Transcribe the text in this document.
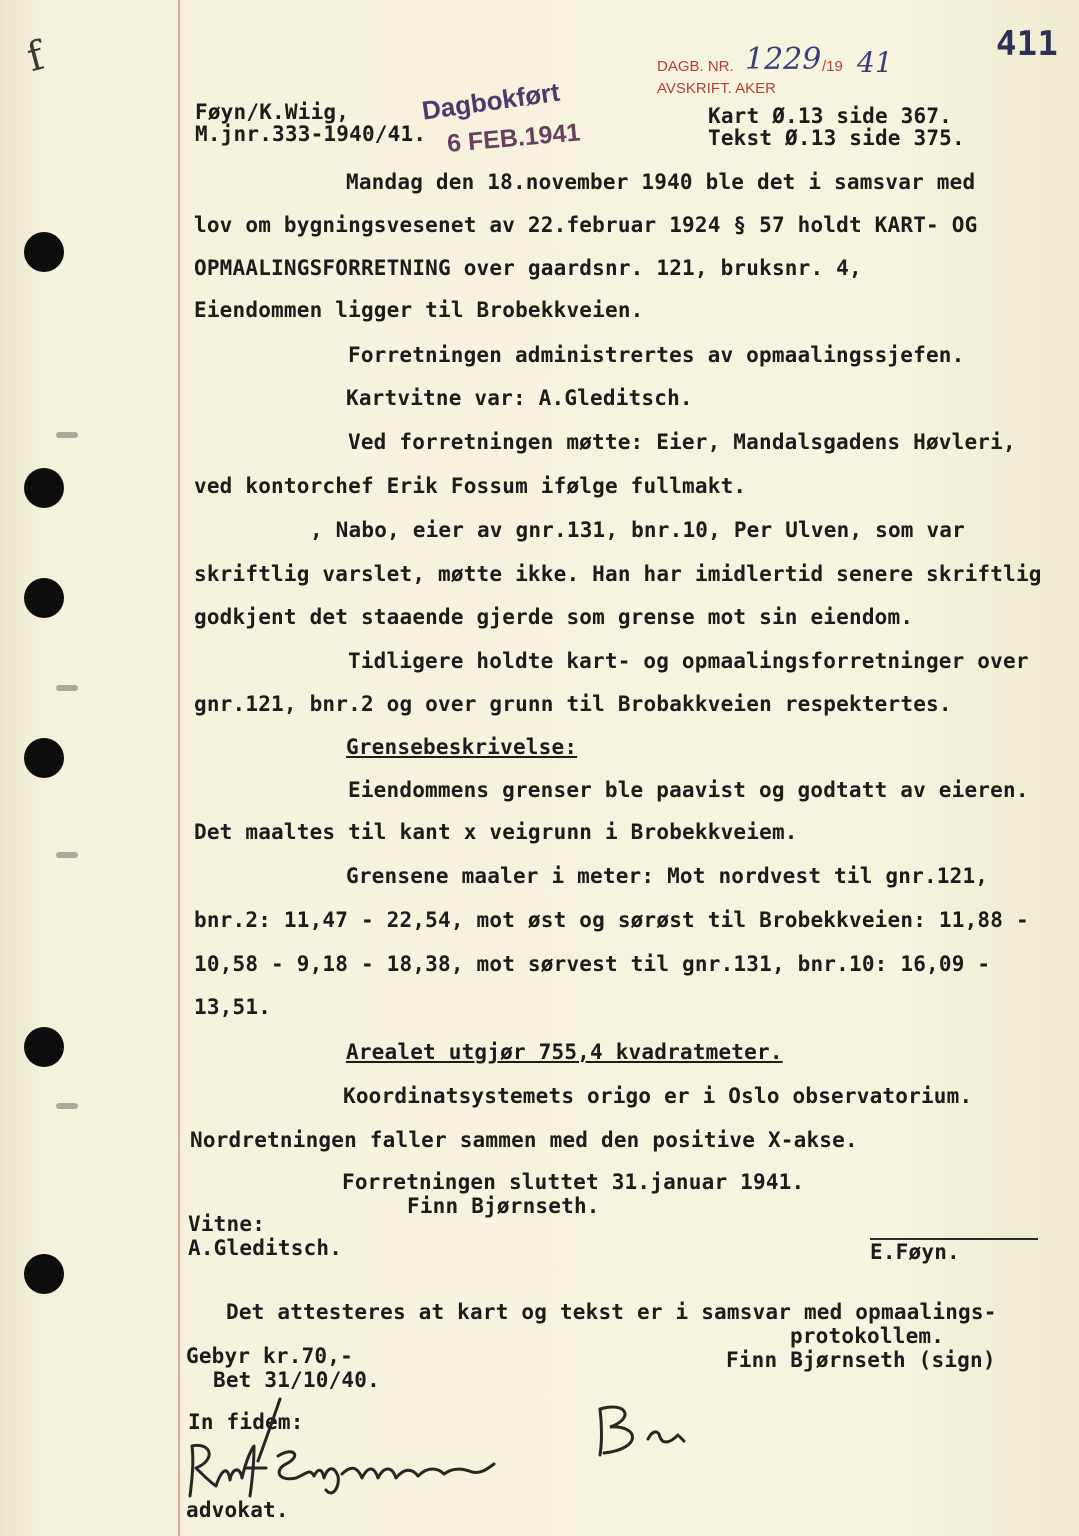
f	411
DAGB. NR. 1229 /19 41
AVSKRIFT. AKER
Føyn/K.Wiig,
M.jnr.333-1940/41.
Dagbokført
6 FEB.1941
Kart Ø.13 side 367.
Tekst Ø.13 side 375.
Mandag den 18.november 1940 ble det i samsvar med
lov om bygningsvesenet av 22.februar 1924 § 57 holdt KART- OG
OPMAALINGSFORRETNING over gaardsnr. 121, bruksnr. 4,
Eiendommen ligger til Brobekkveien.
Forretningen administrertes av opmaalingssjefen.
Kartvitne var: A.Gleditsch.
Ved forretningen møtte: Eier, Mandalsgadens Høvleri,
ved kontorchef Erik Fossum ifølge fullmakt.
, Nabo, eier av gnr.131, bnr.10, Per Ulven, som var
skriftlig varslet, møtte ikke. Han har imidlertid senere skriftlig
godkjent det staaende gjerde som grense mot sin eiendom.
Tidligere holdte kart- og opmaalingsforretninger over
gnr.121, bnr.2 og over grunn til Brobakkveien respektertes.
Grensebeskrivelse:
Eiendommens grenser ble paavist og godtatt av eieren.
Det maaltes til kant x veigrunn i Brobekkveiem.
Grensene maaler i meter: Mot nordvest til gnr.121,
bnr.2: 11,47 - 22,54, mot øst og sørøst til Brobekkveien: 11,88 -
10,58 - 9,18 - 18,38, mot sørvest til gnr.131, bnr.10: 16,09 -
13,51.
Arealet utgjør 755,4 kvadratmeter.
Koordinatsystemets origo er i Oslo observatorium.
Nordretningen faller sammen med den positive X-akse.
Forretningen sluttet 31.januar 1941.
Finn Bjørnseth.
Vitne:
A.Gleditsch.	E.Føyn.
Det attesteres at kart og tekst er i samsvar med opmaalings-
protokollem.
Finn Bjørnseth (sign)
Gebyr kr.70,-
Bet 31/10/40.
In fidem:
advokat.
